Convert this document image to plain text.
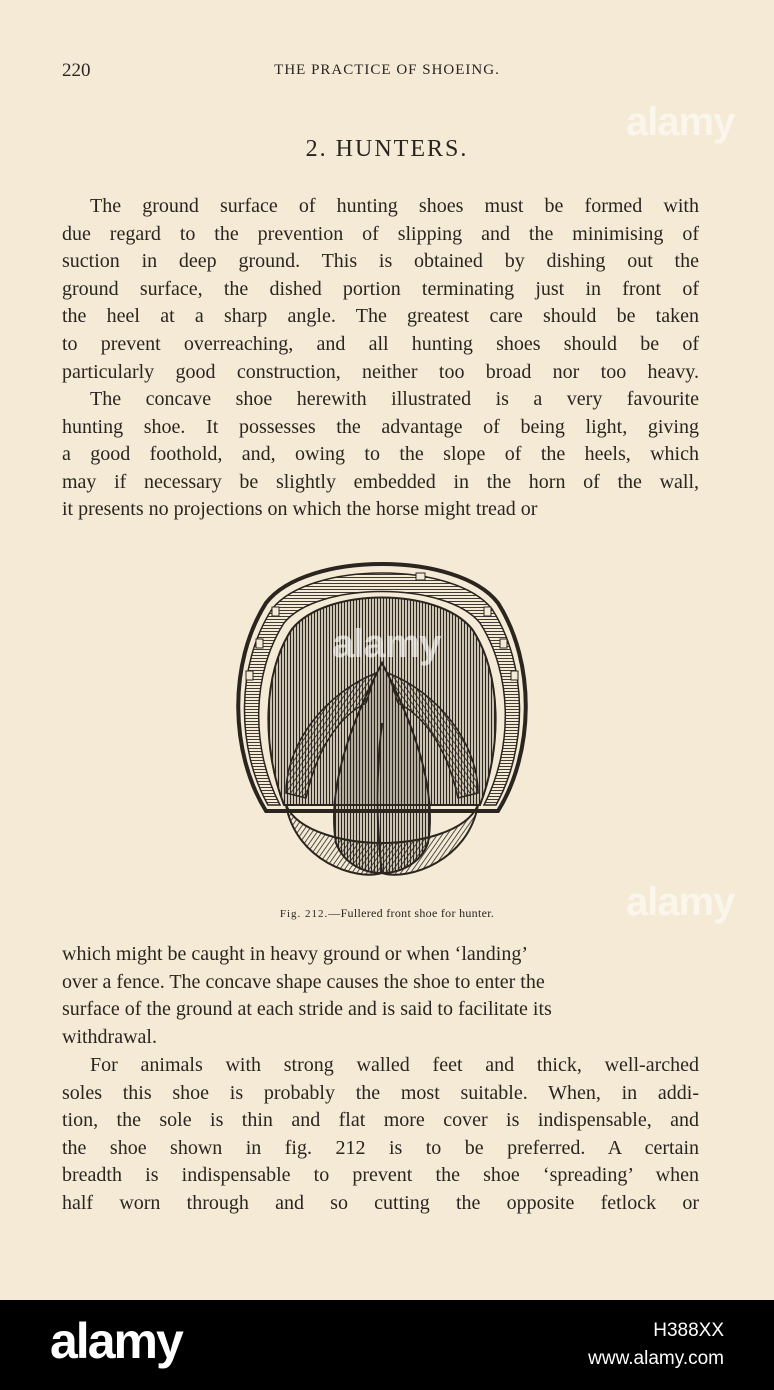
220	THE PRACTICE OF SHOEING.
2. HUNTERS.
The ground surface of hunting shoes must be formed with
due regard to the prevention of slipping and the minimising of
suction in deep ground. This is obtained by dishing out the
ground surface, the dished portion terminating just in front of
the heel at a sharp angle. The greatest care should be taken
to prevent overreaching, and all hunting shoes should be of
particularly good construction, neither too broad nor too heavy.
The concave shoe herewith illustrated is a very favourite
hunting shoe. It possesses the advantage of being light, giving
a good foothold, and, owing to the slope of the heels, which
may if necessary be slightly embedded in the horn of the wall,
it presents no projections on which the horse might tread or
Fig. 212.—Fullered front shoe for hunter.
which might be caught in heavy ground or when ‘landing’
over a fence. The concave shape causes the shoe to enter the
surface of the ground at each stride and is said to facilitate its
withdrawal.
For animals with strong walled feet and thick, well-arched
soles this shoe is probably the most suitable. When, in addi-
tion, the sole is thin and flat more cover is indispensable, and
the shoe shown in fig. 212 is to be preferred. A certain
breadth is indispensable to prevent the shoe ‘spreading’ when
half worn through and so cutting the opposite fetlock or
alamy
alamy
alamy
alamy	H388XX
www.alamy.com
